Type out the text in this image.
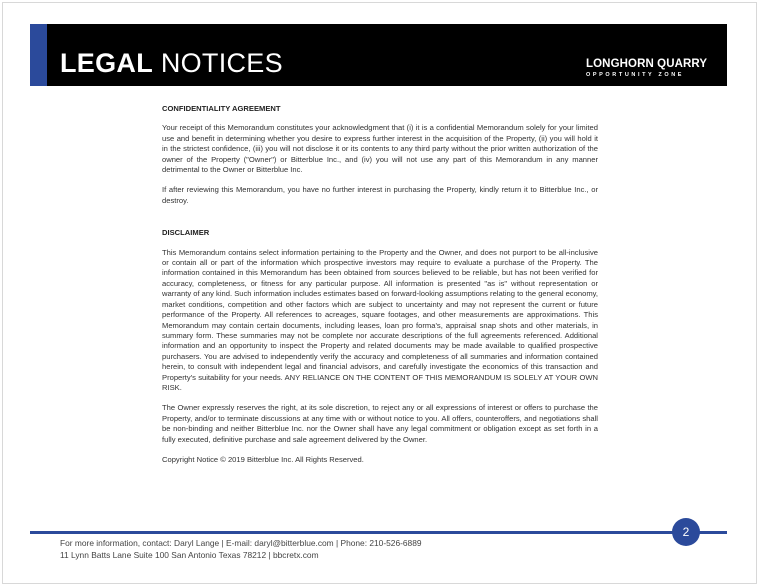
LEGAL NOTICES	LONGHORN QUARRY
OPPORTUNITY ZONE
CONFIDENTIALITY AGREEMENT

Your receipt of this Memorandum constitutes your acknowledgment that (i) it is a confidential Memorandum solely for your limited use and benefit in determining whether you desire to express further interest in the acquisition of the Property, (ii) you will hold it in the strictest confidence, (iii) you will not disclose it or its contents to any third party without the prior written authorization of the owner of the Property ("Owner") or Bitterblue Inc., and (iv) you will not use any part of this Memorandum in any manner detrimental to the Owner or Bitterblue Inc.

If after reviewing this Memorandum, you have no further interest in purchasing the Property, kindly return it to Bitterblue Inc., or destroy.

DISCLAIMER

This Memorandum contains select information pertaining to the Property and the Owner, and does not purport to be all-inclusive or contain all or part of the information which prospective investors may require to evaluate a purchase of the Property. The information contained in this Memorandum has been obtained from sources believed to be reliable, but has not been verified for accuracy, completeness, or fitness for any particular purpose. All information is presented "as is" without representation or warranty of any kind. Such information includes estimates based on forward-looking assumptions relating to the general economy, market conditions, competition and other factors which are subject to uncertainty and may not represent the current or future performance of the Property. All references to acreages, square footages, and other measurements are approximations. This Memorandum may contain certain documents, including leases, loan pro forma's, appraisal snap shots and other materials, in summary form. These summaries may not be complete nor accurate descriptions of the full agreements referenced. Additional information and an opportunity to inspect the Property and related documents may be made available to qualified prospective purchasers. You are advised to independently verify the accuracy and completeness of all summaries and information contained herein, to consult with independent legal and financial advisors, and carefully investigate the economics of this transaction and Property's suitability for your needs. ANY RELIANCE ON THE CONTENT OF THIS MEMORANDUM IS SOLELY AT YOUR OWN RISK.

The Owner expressly reserves the right, at its sole discretion, to reject any or all expressions of interest or offers to purchase the Property, and/or to terminate discussions at any time with or without notice to you. All offers, counteroffers, and negotiations shall be non-binding and neither Bitterblue Inc. nor the Owner shall have any legal commitment or obligation except as set forth in a fully executed, definitive purchase and sale agreement delivered by the Owner.

Copyright Notice © 2019 Bitterblue Inc. All Rights Reserved.

2
For more information, contact: Daryl Lange | E-mail: daryl@bitterblue.com | Phone: 210-526-6889
11 Lynn Batts Lane Suite 100 San Antonio Texas 78212 | bbcretx.com
